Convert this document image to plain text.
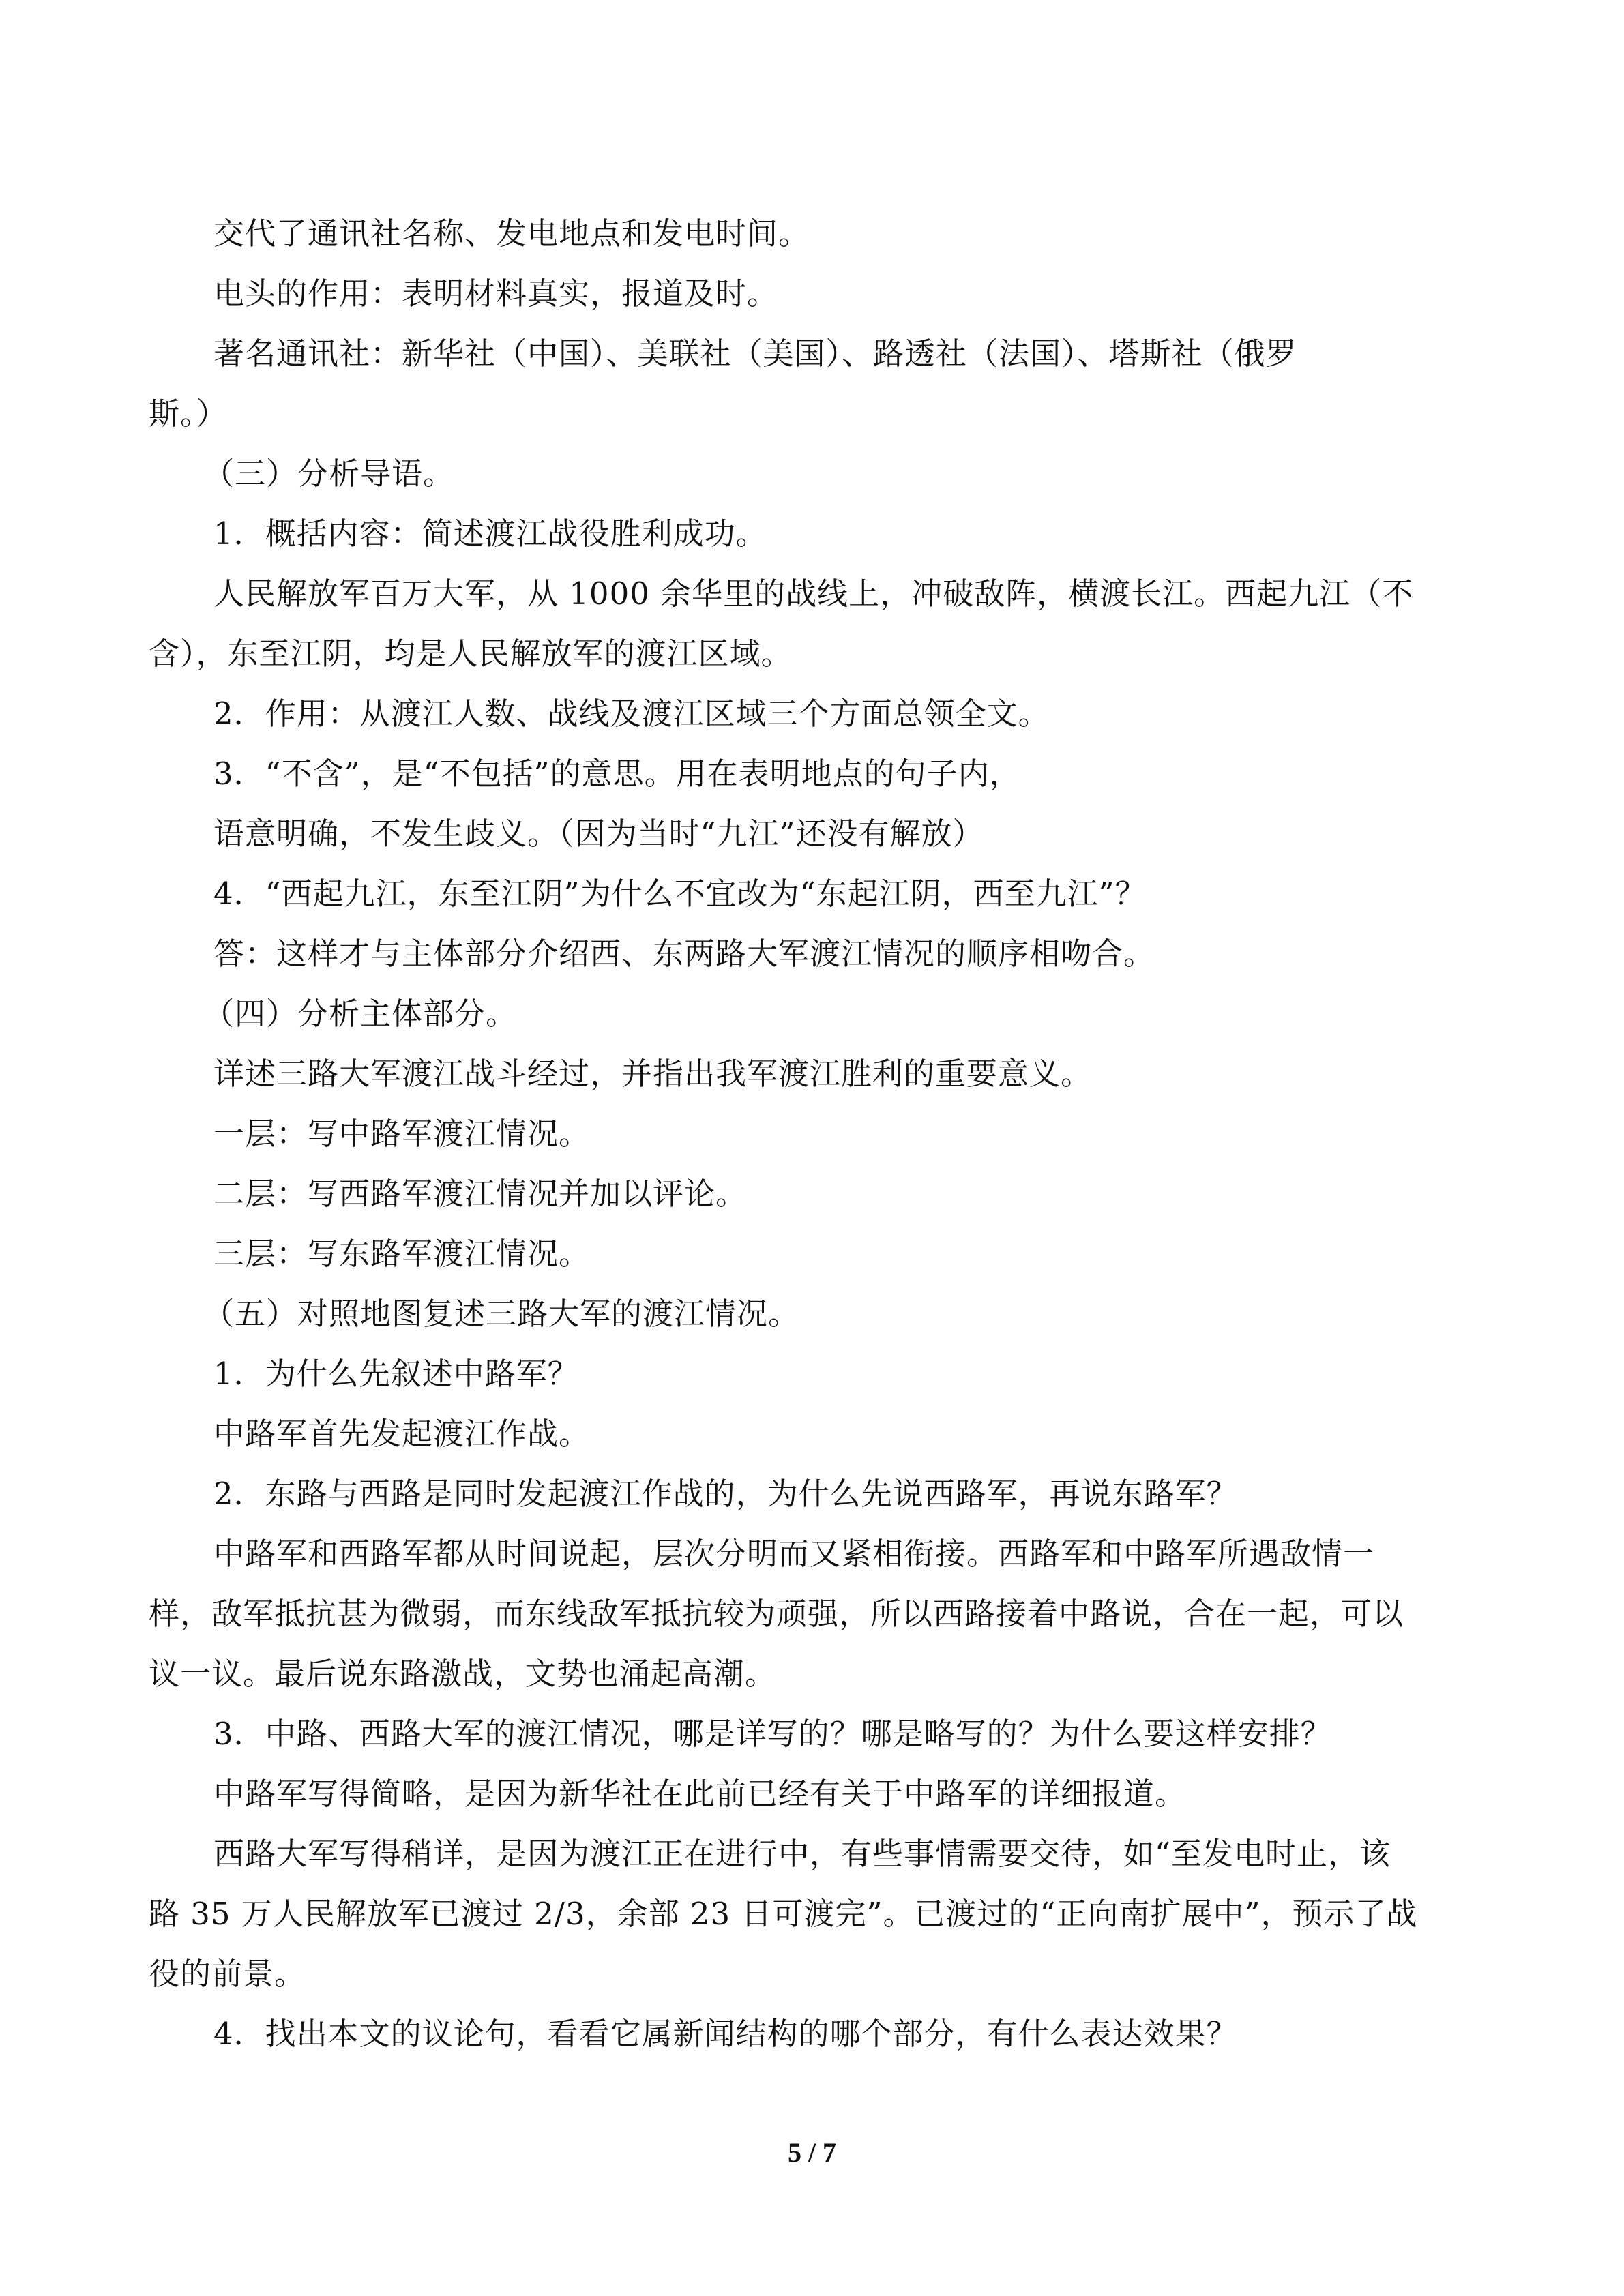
交代了通讯社名称、发电地点和发电时间。
电头的作用：表明材料真实，报道及时。
著名通讯社：新华社（中国）、美联社（美国）、路透社（法国）、塔斯社（俄罗
斯。）
（三）分析导语。
1．概括内容：简述渡江战役胜利成功。
人民解放军百万大军，从 1000 余华里的战线上，冲破敌阵，横渡长江。西起九江（不
含），东至江阴，均是人民解放军的渡江区域。
2．作用：从渡江人数、战线及渡江区域三个方面总领全文。
3．“不含”，是“不包括”的意思。用在表明地点的句子内，
语意明确，不发生歧义。（因为当时“九江”还没有解放）
4．“西起九江，东至江阴”为什么不宜改为“东起江阴，西至九江”？
答：这样才与主体部分介绍西、东两路大军渡江情况的顺序相吻合。
（四）分析主体部分。
详述三路大军渡江战斗经过，并指出我军渡江胜利的重要意义。
一层：写中路军渡江情况。
二层：写西路军渡江情况并加以评论。
三层：写东路军渡江情况。
（五）对照地图复述三路大军的渡江情况。
1．为什么先叙述中路军？
中路军首先发起渡江作战。
2．东路与西路是同时发起渡江作战的，为什么先说西路军，再说东路军？
中路军和西路军都从时间说起，层次分明而又紧相衔接。西路军和中路军所遇敌情一
样，敌军抵抗甚为微弱，而东线敌军抵抗较为顽强，所以西路接着中路说，合在一起，可以
议一议。最后说东路激战，文势也涌起高潮。
3．中路、西路大军的渡江情况，哪是详写的？哪是略写的？为什么要这样安排？
中路军写得简略，是因为新华社在此前已经有关于中路军的详细报道。
西路大军写得稍详，是因为渡江正在进行中，有些事情需要交待，如“至发电时止，该
路 35 万人民解放军已渡过 2/3，余部 23 日可渡完”。已渡过的“正向南扩展中”，预示了战
役的前景。
4．找出本文的议论句，看看它属新闻结构的哪个部分，有什么表达效果？
5 / 7
